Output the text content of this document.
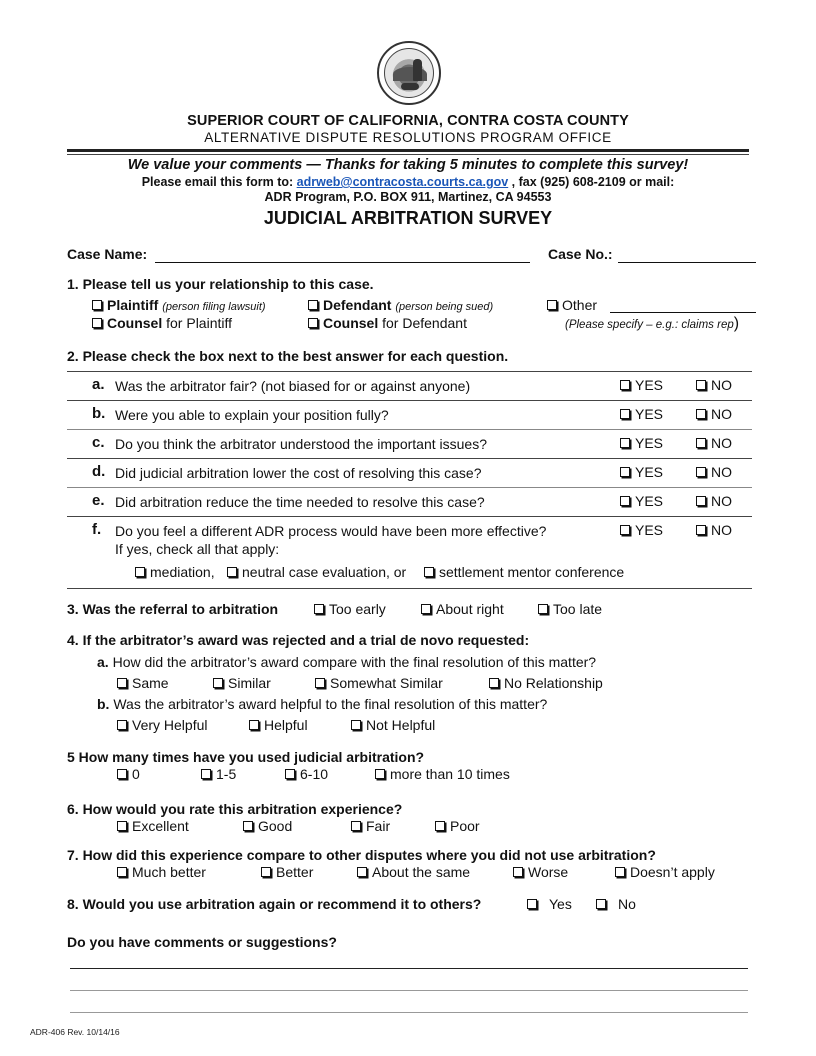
SUPERIOR COURT OF CALIFORNIA, CONTRA COSTA COUNTY
ALTERNATIVE DISPUTE RESOLUTIONS PROGRAM OFFICE
We value your comments — Thanks for taking 5 minutes to complete this survey!
Please email this form to: adrweb@contracosta.courts.ca.gov , fax (925) 608-2109 or mail:
ADR Program, P.O. BOX 911, Martinez, CA 94553
JUDICIAL ARBITRATION SURVEY
Case Name:	Case No.:
1. Please tell us your relationship to this case.
Plaintiff (person filing lawsuit)	Defendant (person being sued)	Other
Counsel for Plaintiff	Counsel for Defendant	(Please specify – e.g.: claims rep)
2. Please check the box next to the best answer for each question.
a. Was the arbitrator fair? (not biased for or against anyone)	YES	NO
b. Were you able to explain your position fully?	YES	NO
c. Do you think the arbitrator understood the important issues?	YES	NO
d. Did judicial arbitration lower the cost of resolving this case?	YES	NO
e. Did arbitration reduce the time needed to resolve this case?	YES	NO
f. Do you feel a different ADR process would have been more effective?	YES	NO
If yes, check all that apply:
mediation,	neutral case evaluation, or	settlement mentor conference
3. Was the referral to arbitration	Too early	About right	Too late
4. If the arbitrator’s award was rejected and a trial de novo requested:
a. How did the arbitrator’s award compare with the final resolution of this matter?
Same	Similar	Somewhat Similar	No Relationship
b. Was the arbitrator’s award helpful to the final resolution of this matter?
Very Helpful	Helpful	Not Helpful
5 How many times have you used judicial arbitration?
0	1-5	6-10	more than 10 times
6. How would you rate this arbitration experience?
Excellent	Good	Fair	Poor
7. How did this experience compare to other disputes where you did not use arbitration?
Much better	Better	About the same	Worse	Doesn’t apply
8. Would you use arbitration again or recommend it to others?	Yes	No
Do you have comments or suggestions?
ADR-406 Rev. 10/14/16
